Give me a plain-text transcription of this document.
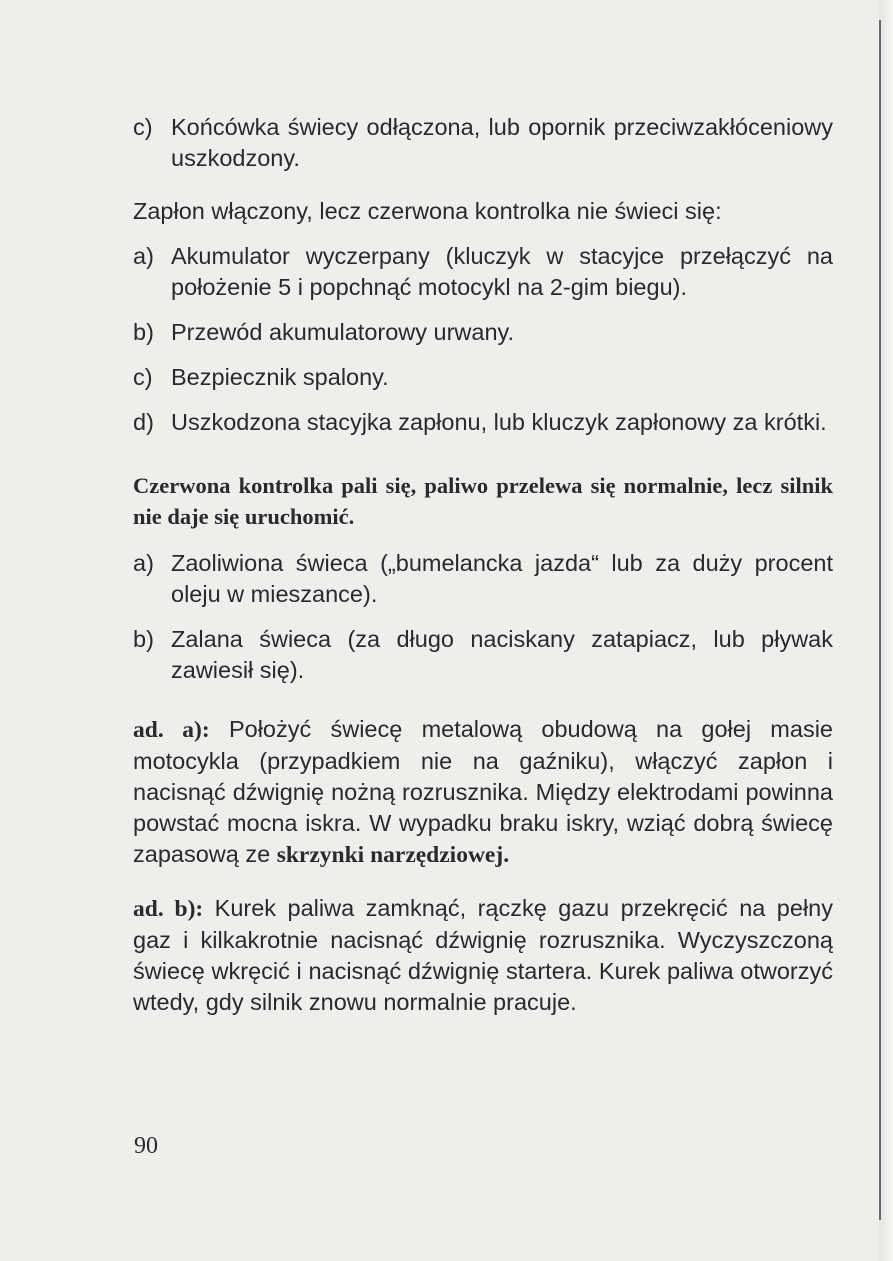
c) Końcówka świecy odłączona, lub opornik przeciwzakłóceniowy uszkodzony.

Zapłon włączony, lecz czerwona kontrolka nie świeci się:

a) Akumulator wyczerpany (kluczyk w stacyjce przełączyć na położenie 5 i popchnąć motocykl na 2-gim biegu).

b) Przewód akumulatorowy urwany.

c) Bezpiecznik spalony.

d) Uszkodzona stacyjka zapłonu, lub kluczyk zapłonowy za krótki.

Czerwona kontrolka pali się, paliwo przelewa się normalnie, lecz silnik nie daje się uruchomić.

a) Zaoliwiona świeca („bumelancka jazda“ lub za duży procent oleju w mieszance).

b) Zalana świeca (za długo naciskany zatapiacz, lub pływak zawiesił się).

ad. a): Położyć świecę metalową obudową na gołej masie motocykla (przypadkiem nie na gaźniku), włączyć zapłon i nacisnąć dźwignię nożną rozrusznika. Między elektrodami powinna powstać mocna iskra. W wypadku braku iskry, wziąć dobrą świecę zapasową ze skrzynki narzędziowej.

ad. b): Kurek paliwa zamknąć, rączkę gazu przekręcić na pełny gaz i kilkakrotnie nacisnąć dźwignię rozrusznika. Wyczyszczoną świecę wkręcić i nacisnąć dźwignię startera. Kurek paliwa otworzyć wtedy, gdy silnik znowu normalnie pracuje.

90
